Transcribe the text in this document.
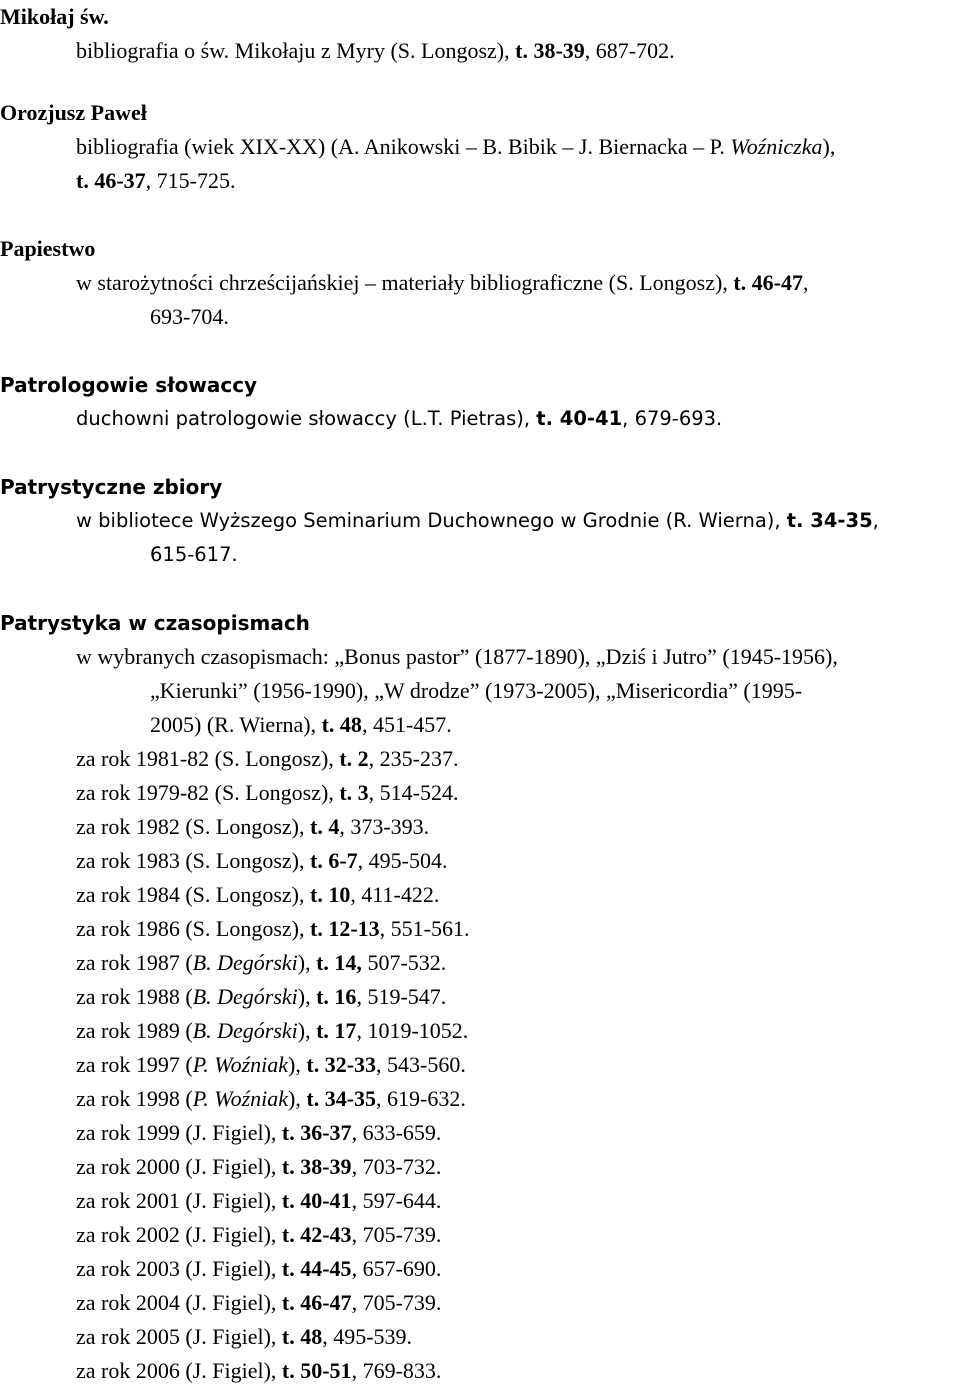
Mikołaj św.
bibliografia o św. Mikołaju z Myry (S. Longosz), t. 38-39, 687-702.
Orozjusz Paweł
bibliografia (wiek XIX-XX) (A. Anikowski – B. Bibik – J. Biernacka – P. Woźniczka),
t. 46-37, 715-725.
Papiestwo
w starożytności chrześcijańskiej – materiały bibliograficzne (S. Longosz), t. 46-47,
693-704.
Patrologowie słowaccy
duchowni patrologowie słowaccy (L.T. Pietras), t. 40-41, 679-693.
Patrystyczne zbiory
w bibliotece Wyższego Seminarium Duchownego w Grodnie (R. Wierna), t. 34-35,
615-617.
Patrystyka w czasopismach
w wybranych czasopismach: „Bonus pastor” (1877-1890), „Dziś i Jutro” (1945-1956),
„Kierunki” (1956-1990), „W drodze” (1973-2005), „Misericordia” (1995-
2005) (R. Wierna), t. 48, 451-457.
za rok 1981-82 (S. Longosz), t. 2, 235-237.
za rok 1979-82 (S. Longosz), t. 3, 514-524.
za rok 1982 (S. Longosz), t. 4, 373-393.
za rok 1983 (S. Longosz), t. 6-7, 495-504.
za rok 1984 (S. Longosz), t. 10, 411-422.
za rok 1986 (S. Longosz), t. 12-13, 551-561.
za rok 1987 (B. Degórski), t. 14, 507-532.
za rok 1988 (B. Degórski), t. 16, 519-547.
za rok 1989 (B. Degórski), t. 17, 1019-1052.
za rok 1997 (P. Woźniak), t. 32-33, 543-560.
za rok 1998 (P. Woźniak), t. 34-35, 619-632.
za rok 1999 (J. Figiel), t. 36-37, 633-659.
za rok 2000 (J. Figiel), t. 38-39, 703-732.
za rok 2001 (J. Figiel), t. 40-41, 597-644.
za rok 2002 (J. Figiel), t. 42-43, 705-739.
za rok 2003 (J. Figiel), t. 44-45, 657-690.
za rok 2004 (J. Figiel), t. 46-47, 705-739.
za rok 2005 (J. Figiel), t. 48, 495-539.
za rok 2006 (J. Figiel), t. 50-51, 769-833.
